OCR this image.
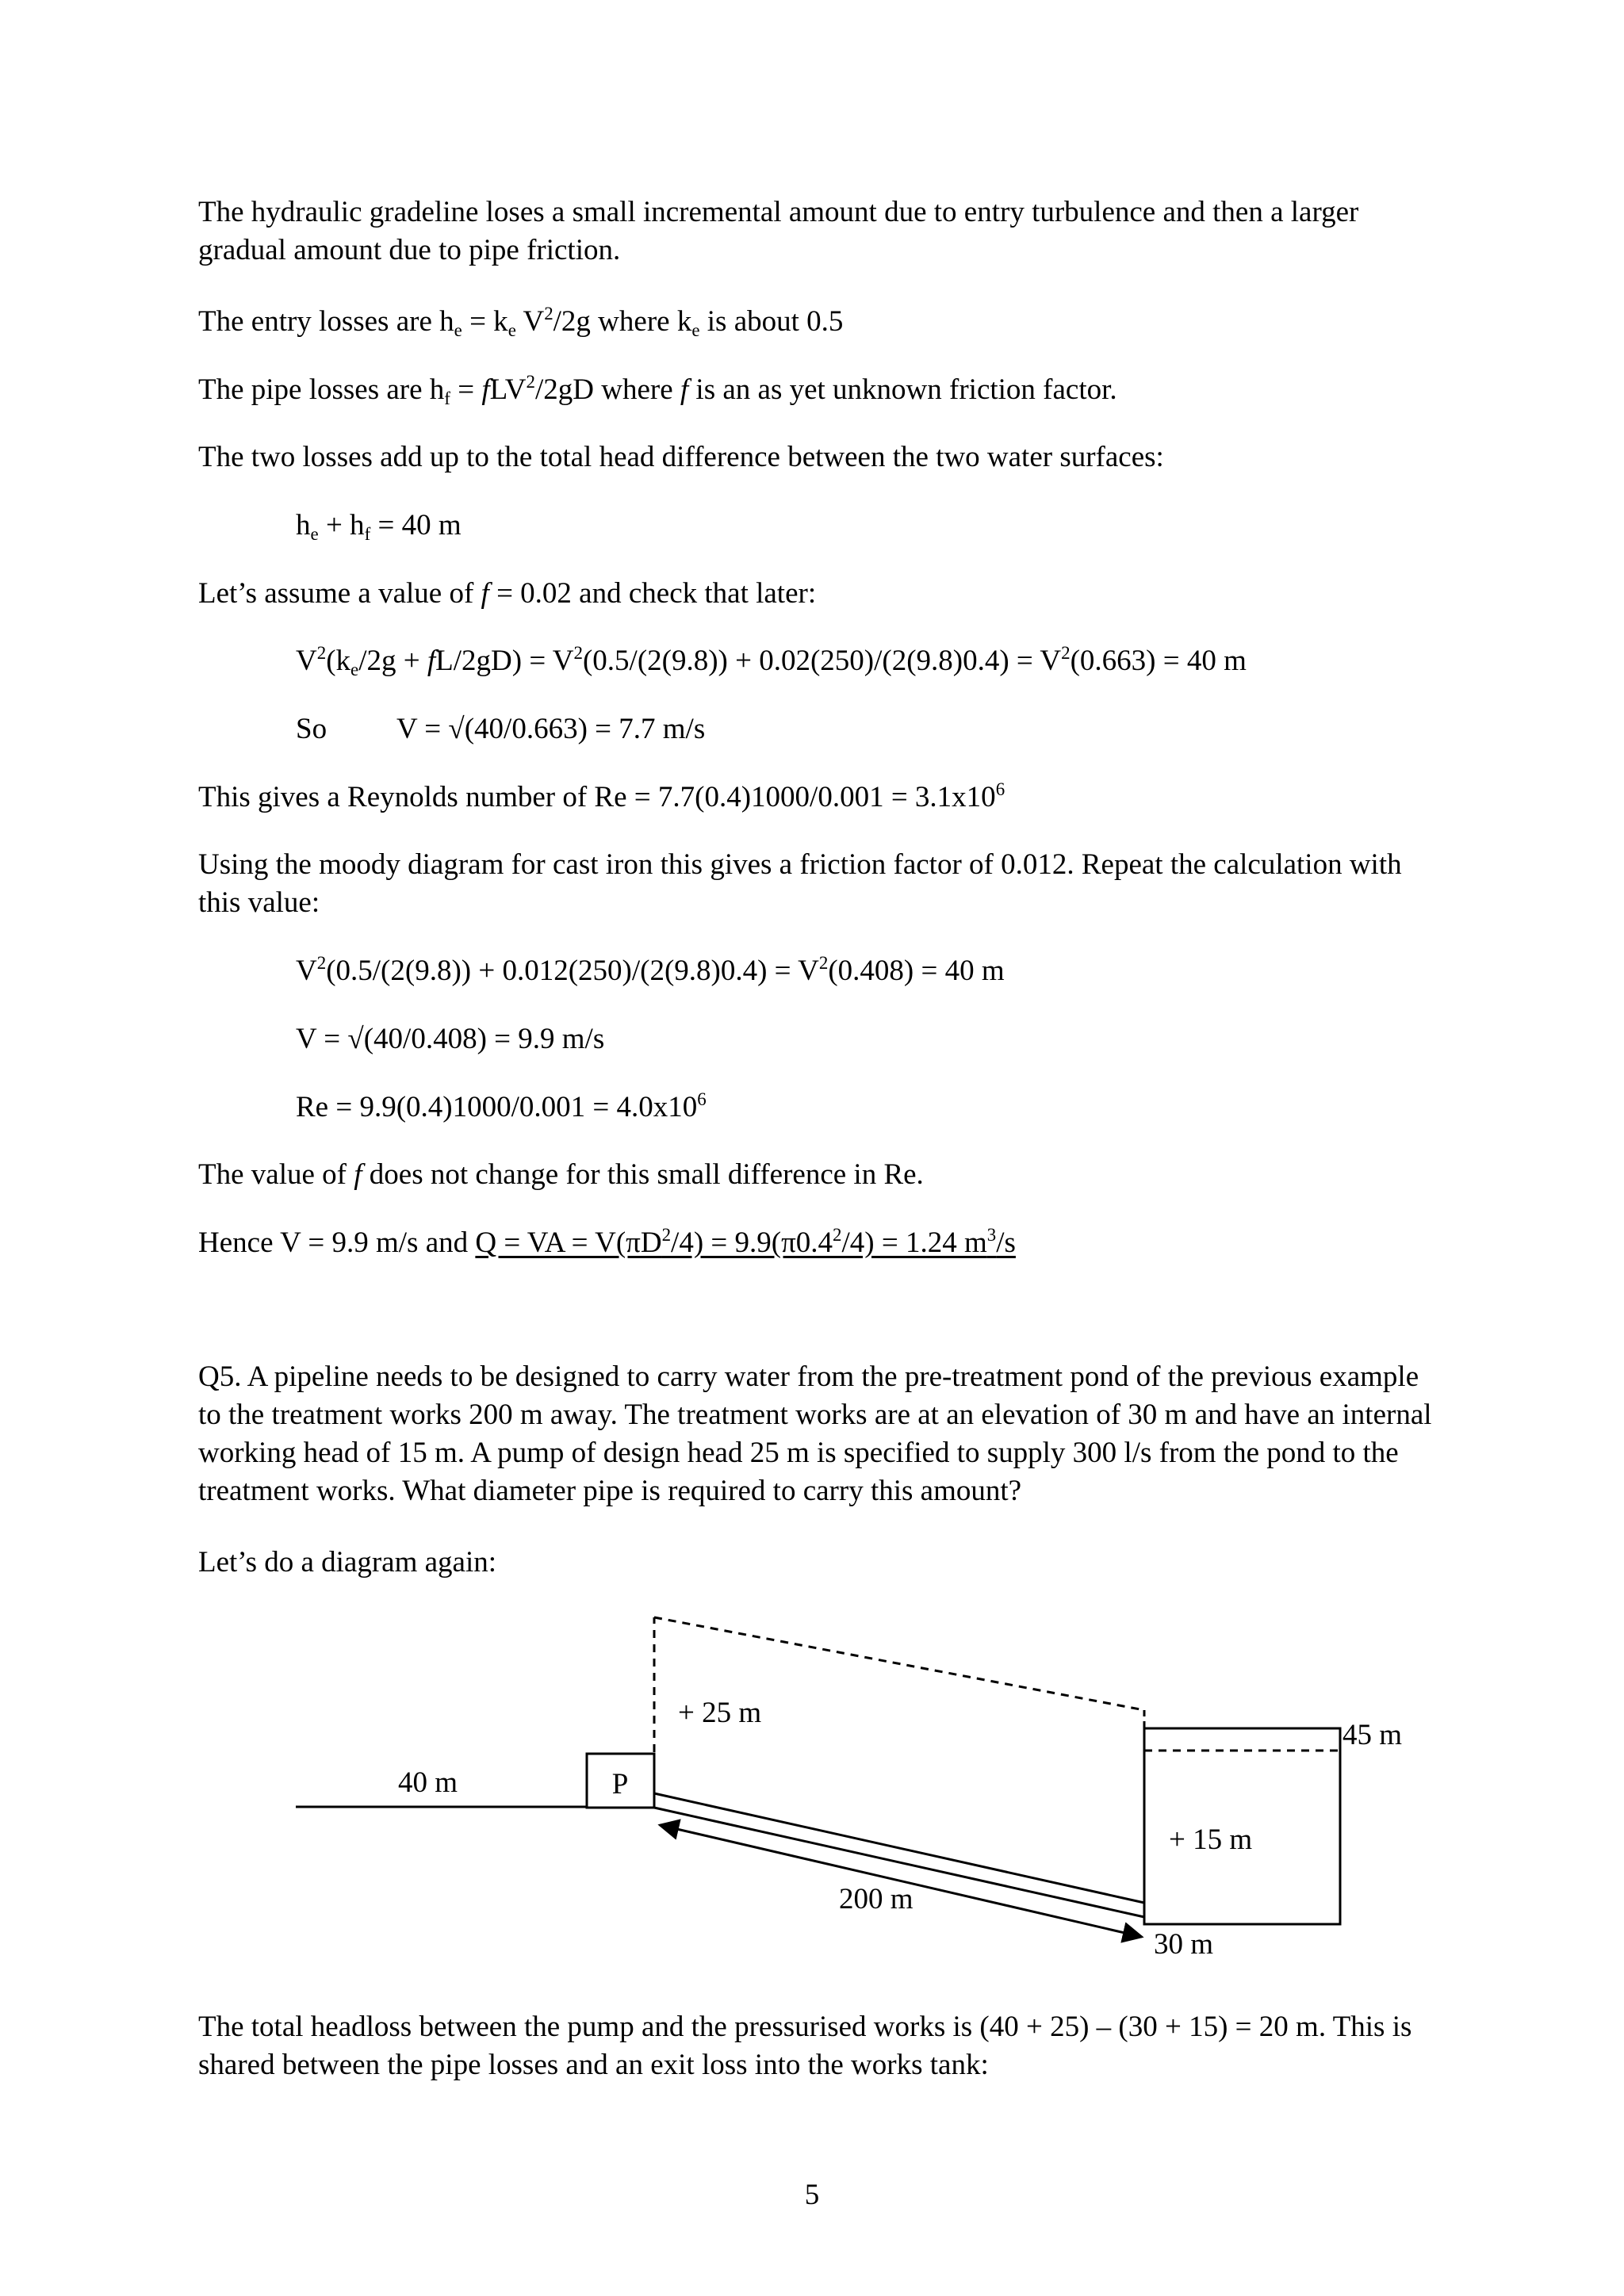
The hydraulic gradeline loses a small incremental amount due to entry turbulence and then a larger gradual amount due to pipe friction.

The entry losses are $h_e = k_e$ $V^2/2g$ where $k_e$ is about 0.5

The pipe losses are $h_f = fLV^2/2gD$ where f is an as yet unknown friction factor.

The two losses add up to the total head difference between the two water surfaces:

$h_e + h_f = 40$ m

Let’s assume a value of f = 0.02 and check that later:

$V^2(k_e/2g + fL/2gD) = V^2(0.5/(2(9.8)) + 0.02(250)/(2(9.8)0.4) = V^2(0.663) = 40$ m

So V = √(40/0.663) = 7.7 m/s

This gives a Reynolds number of $Re = 7.7(0.4)1000/0.001 = 3.1x10^6$

Using the moody diagram for cast iron this gives a friction factor of 0.012. Repeat the calculation with this value:

$V^2(0.5/(2(9.8)) + 0.012(250)/(2(9.8)0.4) = V^2(0.408) = 40$ m

V = √(40/0.408) = 9.9 m/s

$Re = 9.9(0.4)1000/0.001 = 4.0x10^6$

The value of f does not change for this small difference in Re.

Hence V = 9.9 m/s and Q = VA = $V(\pi D^2/4) = 9.9(\pi 0.4^2/4) = 1.24$ $m^3/s$

Q5. A pipeline needs to be designed to carry water from the pre-treatment pond of the previous example to the treatment works 200 m away. The treatment works are at an elevation of 30 m and have an internal working head of 15 m. A pump of design head 25 m is specified to supply 300 l/s from the pond to the treatment works. What diameter pipe is required to carry this amount?

Let’s do a diagram again:

P
40 m
+ 25 m
200 m
45 m
+ 15 m
30 m

The total headloss between the pump and the pressurised works is (40 + 25) – (30 + 15) = 20 m. This is shared between the pipe losses and an exit loss into the works tank:

5
